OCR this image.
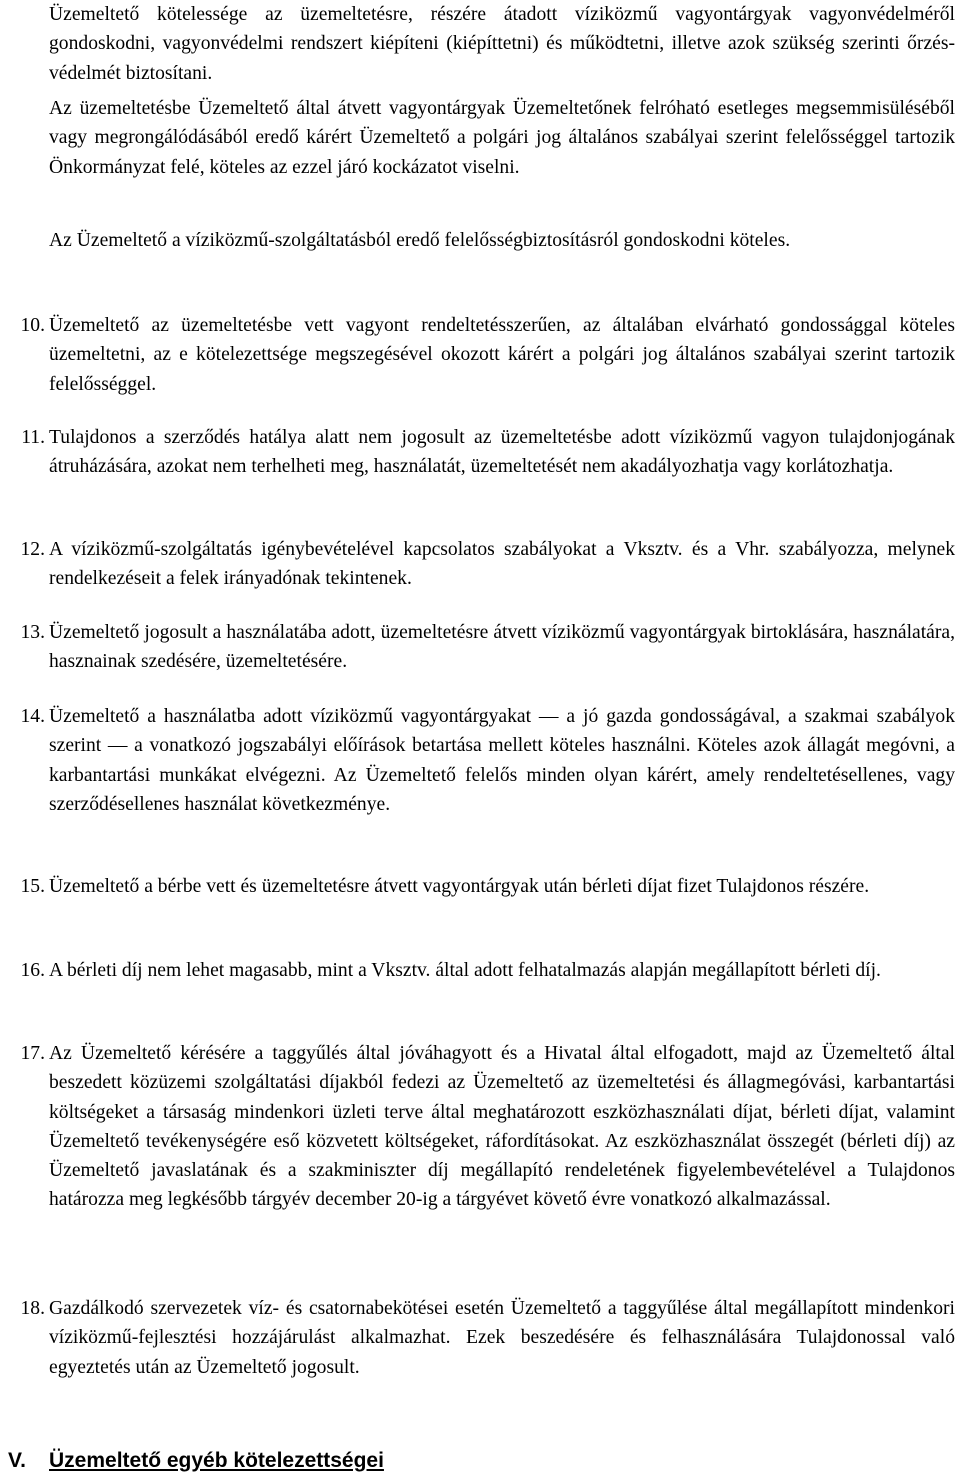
Üzemeltető kötelessége az üzemeltetésre, részére átadott víziközmű vagyontárgyak vagyonvédelméről gondoskodni, vagyonvédelmi rendszert kiépíteni (kiépíttetni) és működtetni, illetve azok szükség szerinti őrzés-védelmét biztosítani.

Az üzemeltetésbe Üzemeltető által átvett vagyontárgyak Üzemeltetőnek felróható esetleges megsemmisüléséből vagy megrongálódásából eredő kárért Üzemeltető a polgári jog általános szabályai szerint felelősséggel tartozik Önkormányzat felé, köteles az ezzel járó kockázatot viselni.

Az Üzemeltető a víziközmű-szolgáltatásból eredő felelősségbiztosításról gondoskodni köteles.

10. Üzemeltető az üzemeltetésbe vett vagyont rendeltetésszerűen, az általában elvárható gondossággal köteles üzemeltetni, az e kötelezettsége megszegésével okozott kárért a polgári jog általános szabályai szerint tartozik felelősséggel.
11. Tulajdonos a szerződés hatálya alatt nem jogosult az üzemeltetésbe adott víziközmű vagyon tulajdonjogának átruházására, azokat nem terhelheti meg, használatát, üzemeltetését nem akadályozhatja vagy korlátozhatja.
12. A víziközmű-szolgáltatás igénybevételével kapcsolatos szabályokat a Vksztv. és a Vhr. szabályozza, melynek rendelkezéseit a felek irányadónak tekintenek.
13. Üzemeltető jogosult a használatába adott, üzemeltetésre átvett víziközmű vagyontárgyak birtoklására, használatára, hasznainak szedésére, üzemeltetésére.
14. Üzemeltető a használatba adott víziközmű vagyontárgyakat — a jó gazda gondosságával, a szakmai szabályok szerint — a vonatkozó jogszabályi előírások betartása mellett köteles használni. Köteles azok állagát megóvni, a karbantartási munkákat elvégezni. Az Üzemeltető felelős minden olyan kárért, amely rendeltetésellenes, vagy szerződésellenes használat következménye.
15. Üzemeltető a bérbe vett és üzemeltetésre átvett vagyontárgyak után bérleti díjat fizet Tulajdonos részére.
16. A bérleti díj nem lehet magasabb, mint a Vksztv. által adott felhatalmazás alapján megállapított bérleti díj.
17. Az Üzemeltető kérésére a taggyűlés által jóváhagyott és a Hivatal által elfogadott, majd az Üzemeltető által beszedett közüzemi szolgáltatási díjakból fedezi az Üzemeltető az üzemeltetési és állagmegóvási, karbantartási költségeket a társaság mindenkori üzleti terve által meghatározott eszközhasználati díjat, bérleti díjat, valamint Üzemeltető tevékenységére eső közvetett költségeket, ráfordításokat. Az eszközhasználat összegét (bérleti díj) az Üzemeltető javaslatának és a szakminiszter díj megállapító rendeletének figyelembevételével a Tulajdonos határozza meg legkésőbb tárgyév december 20-ig a tárgyévet követő évre vonatkozó alkalmazással.
18. Gazdálkodó szervezetek víz- és csatornabekötései esetén Üzemeltető a taggyűlése által megállapított mindenkori víziközmű-fejlesztési hozzájárulást alkalmazhat. Ezek beszedésére és felhasználására Tulajdonossal való egyeztetés után az Üzemeltető jogosult.
V. Üzemeltető egyéb kötelezettségei
